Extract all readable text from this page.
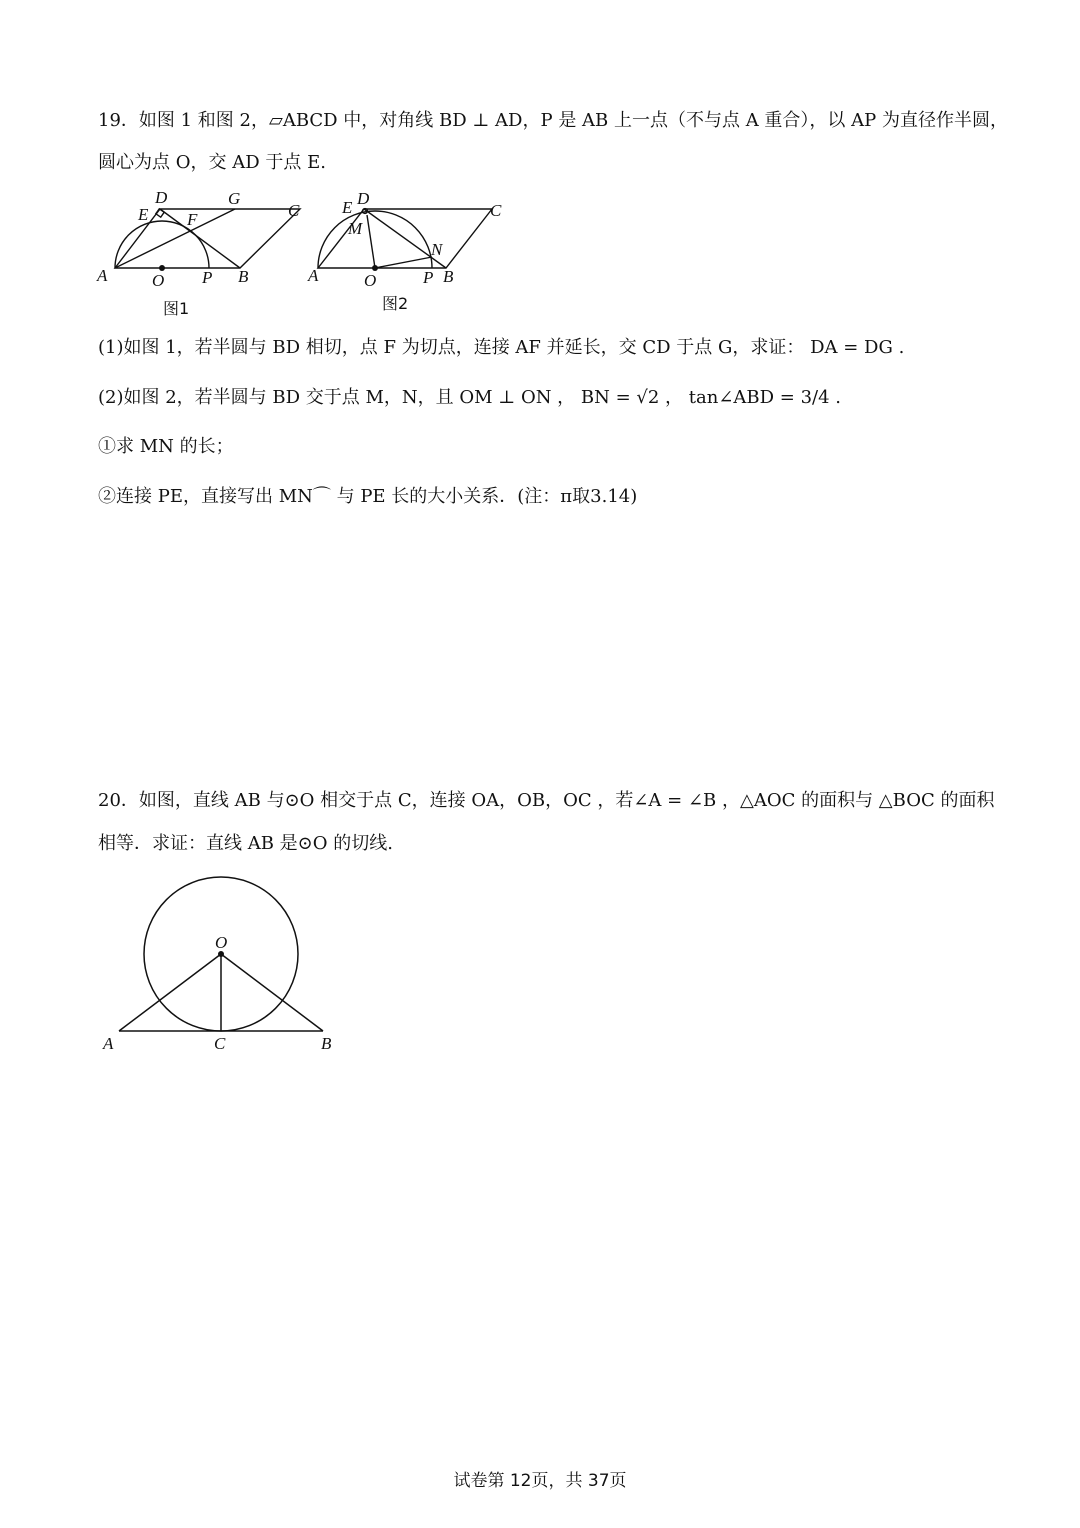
19．如图 1 和图 2，▱ABCD 中，对角线 BD ⊥ AD，P 是 AB 上一点（不与点 A 重合），以 AP 为直径作半圆，
圆心为点 O，交 AD 于点 E.
A	B
C
D
E F
G
O P
图1
A	B
C
D
E
M
N
O	P
图2
(1)如图 1，若半圆与 BD 相切，点 F 为切点，连接 AF 并延长，交 CD 于点 G，求证： DA = DG .
(2)如图 2，若半圆与 BD 交于点 M，N，且 OM ⊥ ON ， BN = √2 ， tan∠ABD = 3/4 .
①求 MN 的长；
②连接 PE，直接写出 MN⌒ 与 PE 长的大小关系．(注：π取3.14)
20．如图，直线 AB 与⊙O 相交于点 C，连接 OA，OB，OC ，若∠A = ∠B ，△AOC 的面积与 △BOC 的面积
相等．求证：直线 AB 是⊙O 的切线.
O
A	C	B
试卷第 12页，共 37页
